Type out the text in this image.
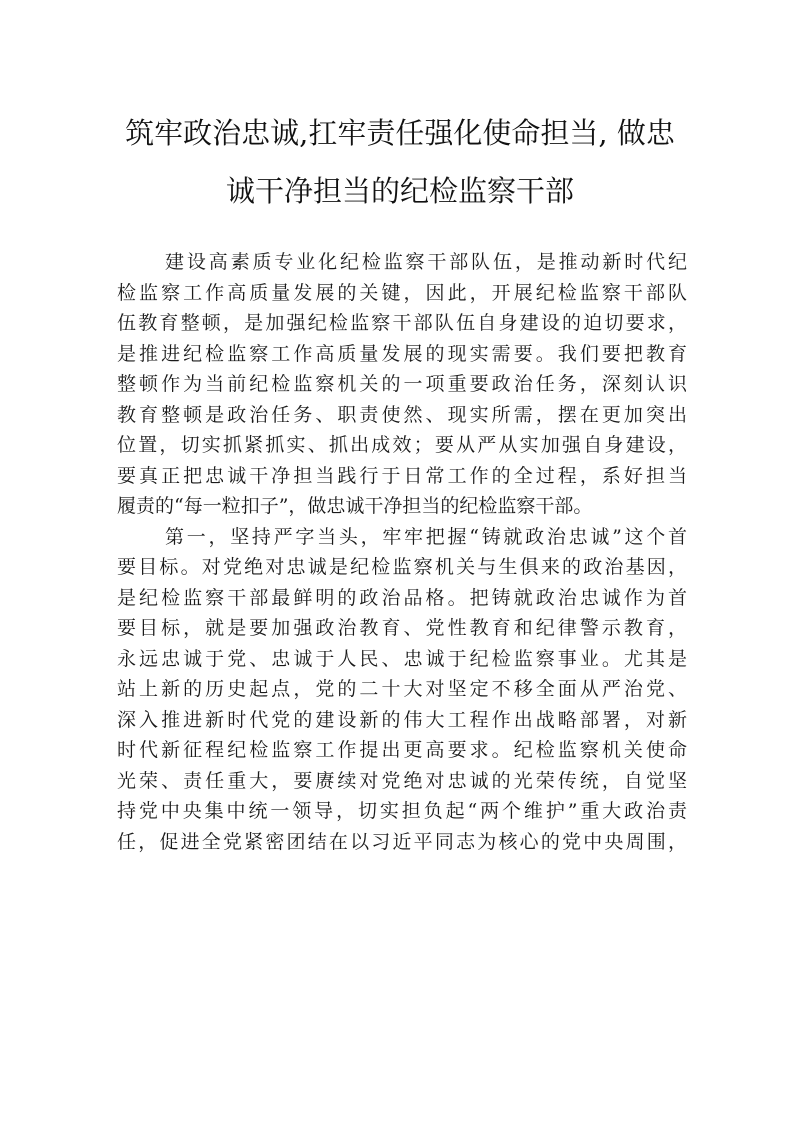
筑牢政治忠诚,扛牢责任强化使命担当, 做忠
诚干净担当的纪检监察干部
建设高素质专业化纪检监察干部队伍，是推动新时代纪
检监察工作高质量发展的关键，因此，开展纪检监察干部队
伍教育整顿，是加强纪检监察干部队伍自身建设的迫切要求，
是推进纪检监察工作高质量发展的现实需要。我们要把教育
整顿作为当前纪检监察机关的一项重要政治任务，深刻认识
教育整顿是政治任务、职责使然、现实所需，摆在更加突出
位置，切实抓紧抓实、抓出成效；要从严从实加强自身建设，
要真正把忠诚干净担当践行于日常工作的全过程，系好担当
履责的“每一粒扣子”，做忠诚干净担当的纪检监察干部。
第一，坚持严字当头，牢牢把握“铸就政治忠诚”这个首
要目标。对党绝对忠诚是纪检监察机关与生俱来的政治基因，
是纪检监察干部最鲜明的政治品格。把铸就政治忠诚作为首
要目标，就是要加强政治教育、党性教育和纪律警示教育，
永远忠诚于党、忠诚于人民、忠诚于纪检监察事业。尤其是
站上新的历史起点，党的二十大对坚定不移全面从严治党、
深入推进新时代党的建设新的伟大工程作出战略部署，对新
时代新征程纪检监察工作提出更高要求。纪检监察机关使命
光荣、责任重大，要赓续对党绝对忠诚的光荣传统，自觉坚
持党中央集中统一领导，切实担负起“两个维护”重大政治责
任，促进全党紧密团结在以习近平同志为核心的党中央周围，
